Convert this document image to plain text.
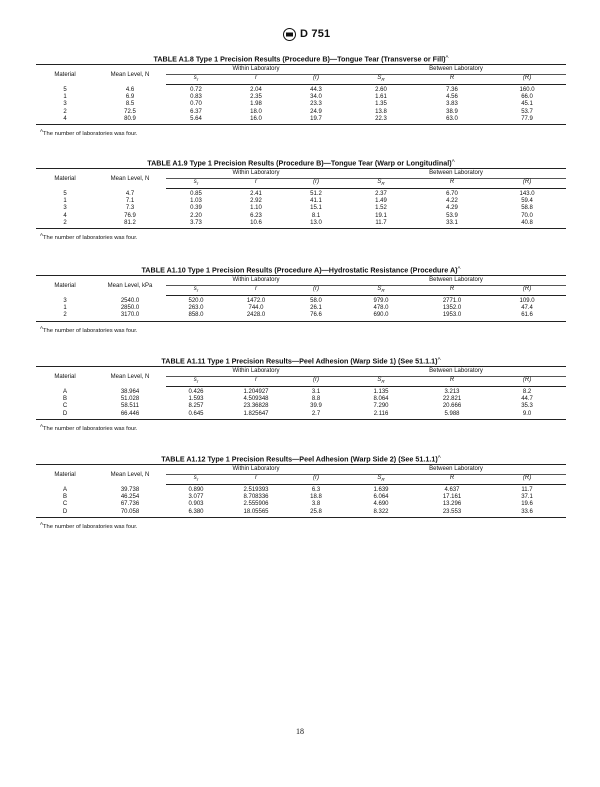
D 751
TABLE A1.8 Type 1 Precision Results (Procedure B)—Tongue Tear (Transverse or Fill)$^A$
Material	Mean Level, N	Within Laboratory			Between Laboratory		

		$s_r$	r	(r)	$S_R$	R	(R)
5	4.6	0.72	2.04	44.3	2.60	7.36	160.0
1	6.9	0.83	2.35	34.0	1.61	4.56	66.0
3	8.5	0.70	1.98	23.3	1.35	3.83	45.1
2	72.5	6.37	18.0	24.9	13.8	38.9	53.7
4	80.9	5.64	16.0	19.7	22.3	63.0	77.9
$^A$The number of laboratories was four.
TABLE A1.9 Type 1 Precision Results (Procedure B)—Tongue Tear (Warp or Longitudinal)$^A$
Material	Mean Level, N	Within Laboratory			Between Laboratory		

		$s_r$	r	(r)	$S_R$	R	(R)
5	4.7	0.85	2.41	51.2	2.37	6.70	143.0
1	7.1	1.03	2.92	41.1	1.49	4.22	59.4
3	7.3	0.39	1.10	15.1	1.52	4.29	58.8
4	76.9	2.20	6.23	8.1	19.1	53.9	70.0
2	81.2	3.73	10.6	13.0	11.7	33.1	40.8
$^A$The number of laboratories was four.
TABLE A1.10 Type 1 Precision Results (Procedure A)—Hydrostatic Resistance (Procedure A)$^A$
Material	Mean Level, kPa	Within Laboratory			Between Laboratory		

		$s_r$	r	(r)	$S_R$	R	(R)
3	2540.0	520.0	1472.0	58.0	979.0	2771.0	109.0
1	2850.0	263.0	744.0	26.1	478.0	1352.0	47.4
2	3170.0	858.0	2428.0	76.6	690.0	1953.0	61.6
$^A$The number of laboratories was four.
TABLE A1.11 Type 1 Precision Results—Peel Adhesion (Warp Side 1) (See 51.1.1)$^A$
Material	Mean Level, N	Within Laboratory			Between Laboratory		

		$s_r$	r	(r)	$S_R$	R	(R)
A	38.964	0.426	1.204927	3.1	1.135	3.213	8.2
B	51.028	1.593	4.509348	8.8	8.064	22.821	44.7
C	58.511	8.257	23.36828	39.9	7.290	20.666	35.3
D	66.446	0.645	1.825647	2.7	2.116	5.988	9.0
$^A$The number of laboratories was four.
TABLE A1.12 Type 1 Precision Results—Peel Adhesion (Warp Side 2) (See 51.1.1)$^A$
Material	Mean Level, N	Within Laboratory			Between Laboratory		

		$s_r$	r	(r)	$S_R$	R	(R)
A	39.738	0.890	2.519393	6.3	1.639	4.637	11.7
B	46.254	3.077	8.708336	18.8	6.064	17.161	37.1
C	67.736	0.903	2.555906	3.8	4.690	13.296	19.6
D	70.058	6.380	18.05565	25.8	8.322	23.553	33.6
$^A$The number of laboratories was four.
18
